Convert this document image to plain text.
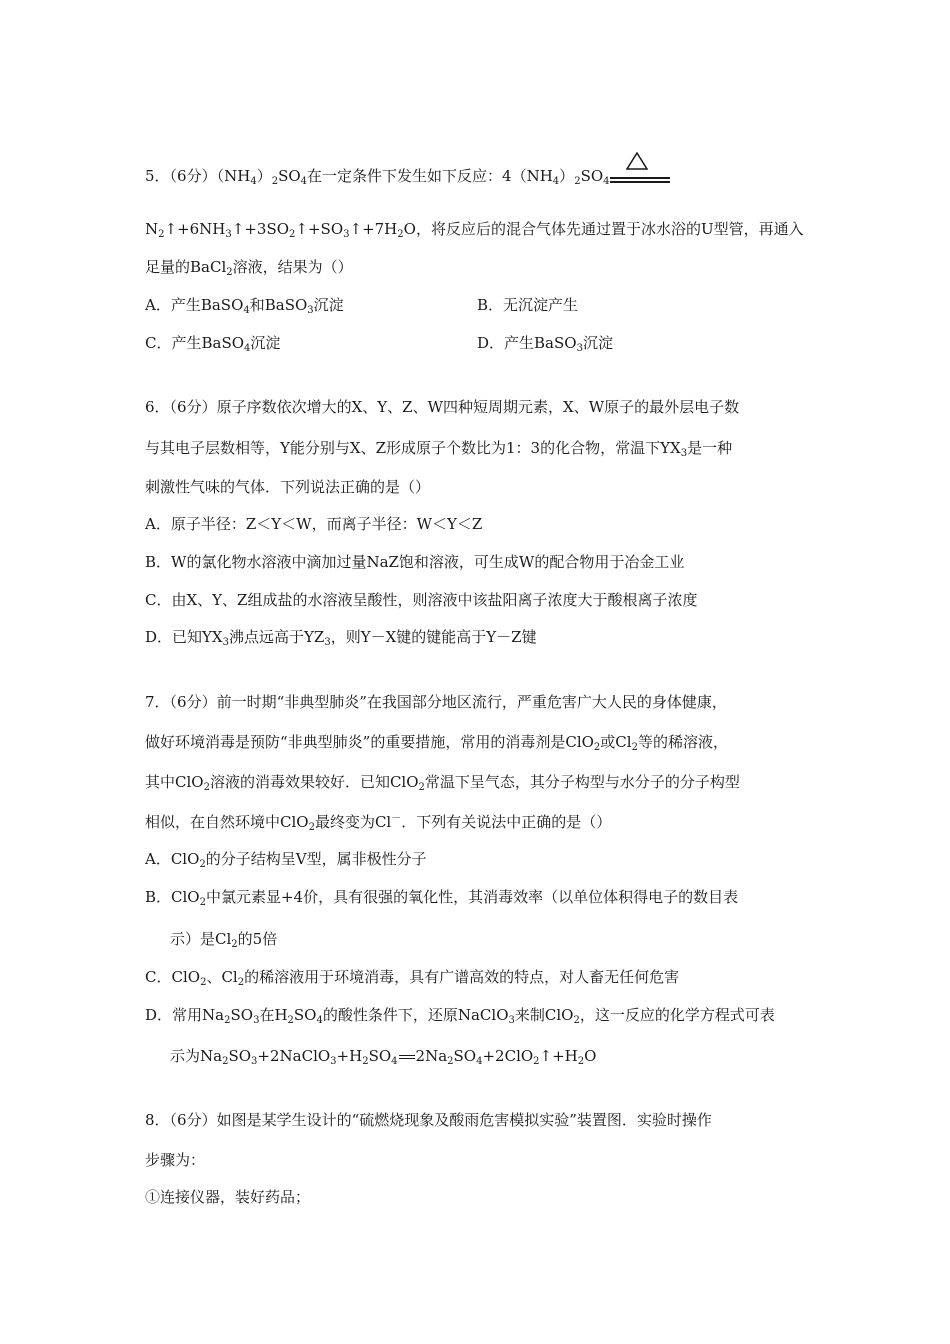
5．（6分）$(NH_4)_2SO_4$在一定条件下发生如下反应：$4(NH_4)_2SO_4$
$N_2↑+6NH_3↑+3SO_2↑+SO_3↑+7H_2O$，将反应后的混合气体先通过置于冰水浴的U型管，再通入
足量的BaCl$_2$溶液，结果为（）
A．产生BaSO$_4$和BaSO$_3$沉淀	B．无沉淀产生
C．产生BaSO$_4$沉淀	D．产生BaSO$_3$沉淀
6．（6分）原子序数依次增大的X、Y、Z、W四种短周期元素，X、W原子的最外层电子数
与其电子层数相等，Y能分别与X、Z形成原子个数比为1：3的化合物，常温下$YX_3$是一种
刺激性气味的气体．下列说法正确的是（）
A．原子半径：Z＜Y＜W，而离子半径：W＜Y＜Z
B．W的氯化物水溶液中滴加过量NaZ饱和溶液，可生成W的配合物用于冶金工业
C．由X、Y、Z组成盐的水溶液呈酸性，则溶液中该盐阳离子浓度大于酸根离子浓度
D．已知$YX_3$沸点远高于$YZ_3$，则Y－X键的键能高于Y－Z键
7．（6分）前一时期“非典型肺炎”在我国部分地区流行，严重危害广大人民的身体健康，
做好环境消毒是预防“非典型肺炎”的重要措施，常用的消毒剂是ClO$_2$或$Cl_2$等的稀溶液，
其中ClO$_2$溶液的消毒效果较好．已知ClO$_2$常温下呈气态，其分子构型与水分子的分子构型
相似，在自然环境中ClO$_2$最终变为Cl－．下列有关说法中正确的是（）
A．ClO$_2$的分子结构呈V型，属非极性分子
B．ClO$_2$中氯元素显+4价，具有很强的氧化性，其消毒效率（以单位体积得电子的数目表
示）是$Cl_2$的5倍
C．ClO$_2$、$Cl_2$的稀溶液用于环境消毒，具有广谱高效的特点，对人畜无任何危害
D．常用$Na_2SO_3$在$H_2SO_4$的酸性条件下，还原NaClO$_3$来制ClO$_2$，这一反应的化学方程式可表
示为$Na_2SO_3+2NaClO_3+H_2SO_4$ $2Na_2SO_4+2ClO_2↑+H_2O$
8．（6分）如图是某学生设计的“硫燃烧现象及酸雨危害模拟实验”装置图．实验时操作
步骤为：
①连接仪器，装好药品；
